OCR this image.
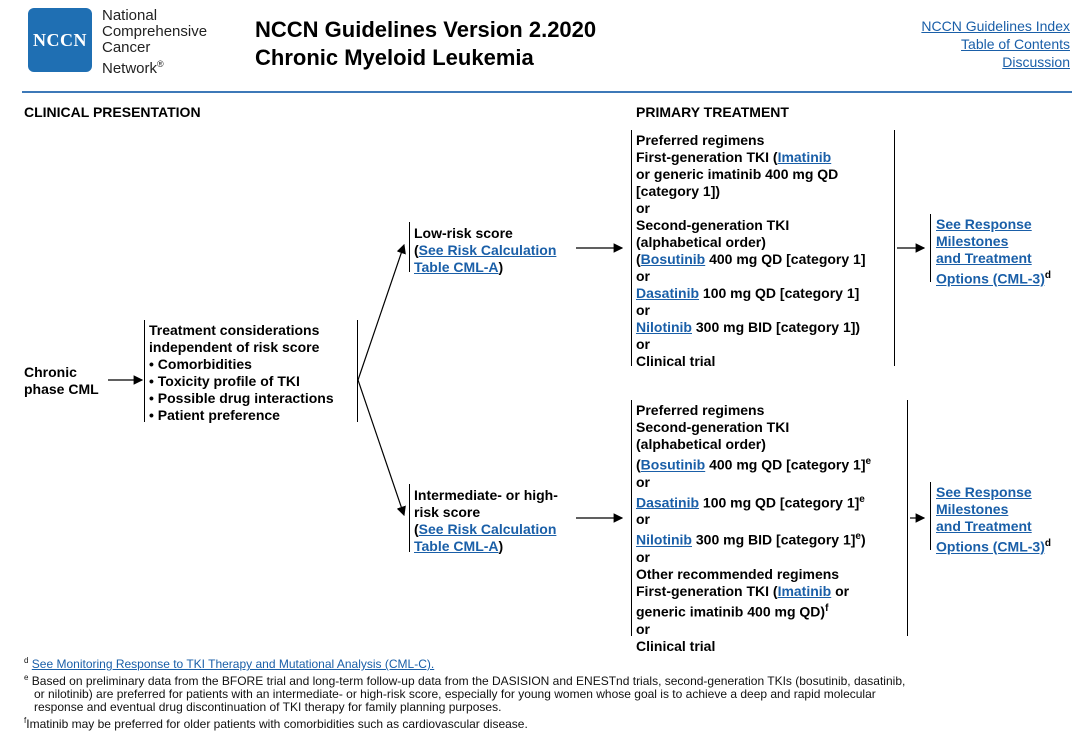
NCCN
National
Comprehensive
Cancer
Network®
NCCN Guidelines Version 2.2020
Chronic Myeloid Leukemia
NCCN Guidelines Index
Table of Contents
Discussion
CLINICAL PRESENTATION	PRIMARY TREATMENT
Chronic
phase CML
Treatment considerations
independent of risk score
• Comorbidities
• Toxicity profile of TKI
• Possible drug interactions
• Patient preference
Low-risk score
(See Risk Calculation
Table CML-A)
Intermediate- or high-
risk score
(See Risk Calculation
Table CML-A)
Preferred regimens
First-generation TKI (Imatinib
or generic imatinib 400 mg QD
[category 1])
or
Second-generation TKI
(alphabetical order)
(Bosutinib 400 mg QD [category 1]
or
Dasatinib 100 mg QD [category 1]
or
Nilotinib 300 mg BID [category 1])
or
Clinical trial
Preferred regimens
Second-generation TKI
(alphabetical order)
(Bosutinib 400 mg QD [category 1]$^e$
or
Dasatinib 100 mg QD [category 1]$^e$
or
Nilotinib 300 mg BID [category 1]$^e$)
or
Other recommended regimens
First-generation TKI (Imatinib or
generic imatinib 400 mg QD)$^f$
or
Clinical trial
See Response
Milestones
and Treatment
Options $(CML-3)^d$
See Response
Milestones
and Treatment
Options $(CML-3)^d$

$^d$ See Monitoring Response to TKI Therapy and Mutational Analysis (CML-C).

$^e$ Based on preliminary data from the BFORE trial and long-term follow-up data from the DASISION and ENESTnd trials, second-generation TKIs (bosutinib, dasatinib,

or nilotinib) are preferred for patients with an intermediate- or high-risk score, especially for young women whose goal is to achieve a deep and rapid molecular

response and eventual drug discontinuation of TKI therapy for family planning purposes.

$^f$Imatinib may be preferred for older patients with comorbidities such as cardiovascular disease.
